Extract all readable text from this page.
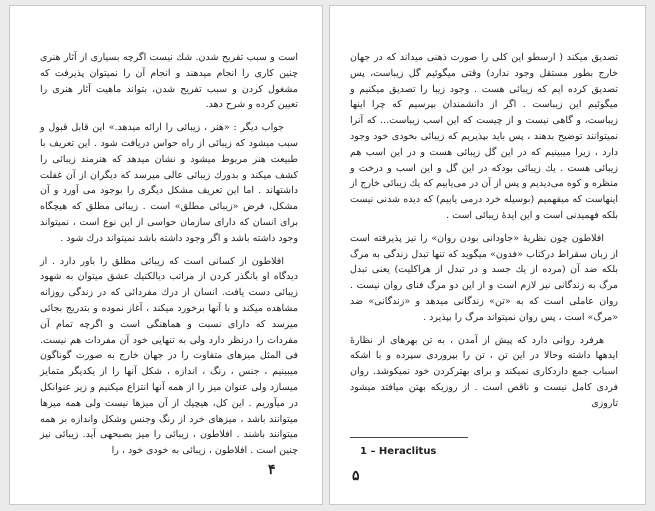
است و سبب تفریح شدن. شك نیست اگرچه بسیاری از آثار هنری چنین کاری را انجام میدهند و انجام آن را نمیتوان پذیرفت که مشغول کردن و سبب تفریح شدن، بتواند ماهیت آثار هنری را تعیین کرده و شرح دهد.

جواب دیگر : «هنر ، زیبائی را ارائه میدهد.» این قابل قبول و سبب میشود که زیبائی از راه حواس دریافت شود . این تعریف با طبیعت هنر مربوط میشود و نشان میدهد که هنرمند زیبائی را کشف میکند و بدورك زیبائی عالی میرسد که دیگران از آن غفلت داشتهاند . اما این تعریف مشکل دیگری را بوجود می آورد و آن مشکل، فرض «زیبائی مطلق» است . زیبائی مطلق که هیچگاه برای انسان که دارای سازمان حواسی از این نوع است ، نمیتواند وجود داشته باشد و اگر وجود داشته باشد نمیتواند درك شود .

افلاطون از کسانی است که زیبائی مطلق را باور دارد . از دیدگاه او بانگذر کردن از مراتب دیالکتیك عشق میتوان به شهود زیبائی دست یافت. انسان از درك مفردائی که در زندگی روزانه مشاهده میکند و با آنها برخورد میکند ، آغاز نموده و بتدریج بجائی میرسد که دارای نسبت و هماهنگی است و اگرچه تمام آن مفردات را درنظر دارد ولی به تنهایی خود آن مفردات هم نیست. فی المثل میزهای متفاوت را در جهان خارج به صورت گوناگون میبینیم ، جنس ، رنگ ، اندازه ، شکل آنها را از یکدیگر متمایز میسازد ولی عنوان میز را از همه آنها انتزاع میکنیم و زیر عنوانکل در میآوریم . این کل، هیچیك از آن میزها نیست ولی همه میزها میتوانند باشد ، میزهای خرد از رنگ وجنس وشکل واندازه بر همه میتوانند باشند . افلاطون ، زیبائی را میز بصبحهی آید. زیبائی نیز چنین است . افلاطون ، زیبائی به خودی خود ، را

۴

تصدیق میکند ( ارسطو این کلی را صورت ذهنی میداند که در جهان خارج بطور مستقل وجود ندارد) وقتی میگوئیم گل زیباست، پس تصدیق کرده ایم که زیبائی هست . وجود زیبا را تصدیق میکنیم و میگوئیم این زیباست . اگر از دانشمندان بپرسیم که چرا اینها زیباست، و گاهی نیست و از چیست که این اسب زیباست... که آنرا نمیتوانند توضیح بدهند ، پس باید بپذیریم که زیبائی بخودی خود وجود دارد ، زیرا میبینیم که در این گل زیبائی هست و در این اسب هم زیبائی هست . یك زیبائی بودکه در این گل و این اسب و درخت و منظره و کوه می‌دیدیم و پس از آن در می‌یابیم که یك زیبائی خارج از اینهاست که میفهمیم (بوسیله خرد درمی یابیم) که دیده شدنی نیست بلکه فهمیدنی است و این ایدۀ زیبائی است .

افلاطون چون نظریۀ «جاودانی بودن روان» را نیز پذیرفته است از زبان سقراط درکتاب «فدون» میگوید که تنها تبدل زندگی به مرگ بلکه ضد آن (مرده از یك جسد و در تبدل از هراکلیت) یعنی تبدل مرگ به زندگانی نیز لازم است و از این دو مرگ فنای روان نیست . روان عاملی است که به «تن» زندگانی میدهد و «زندگانی» ضد «مرگ» است ، پس روان نمیتواند مرگ را بپذیرد .

هرفرد روانی دارد که پیش از آمدن ، به تن بهرهای از نظارۀ ایدهها داشته وحالا در این تن ، تن را بپروردی سپرده و با اشکه اسباب جمع داردکاری نمیکند و برای بهترکردن خود نمیکوشد. روان فردی کامل نیست و ناقص است . از روزیکه بهتن میافتد میشود تاروزی

1 – Heraclitus
۵
